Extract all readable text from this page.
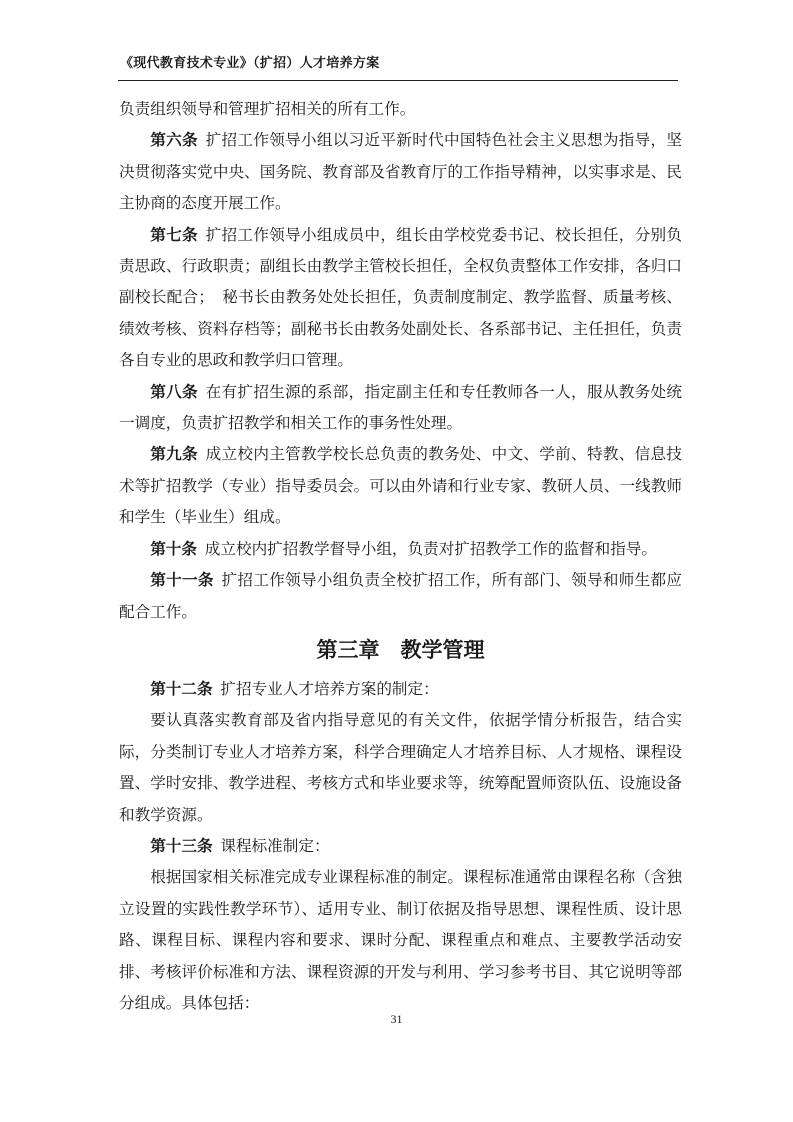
《现代教育技术专业》（扩招）人才培养方案

负责组织领导和管理扩招相关的所有工作。

第六条 扩招工作领导小组以习近平新时代中国特色社会主义思想为指导，坚决贯彻落实党中央、国务院、教育部及省教育厅的工作指导精神，以实事求是、民主协商的态度开展工作。

第七条 扩招工作领导小组成员中，组长由学校党委书记、校长担任，分别负责思政、行政职责；副组长由教学主管校长担任，全权负责整体工作安排，各归口副校长配合；　秘书长由教务处处长担任，负责制度制定、教学监督、质量考核、绩效考核、资料存档等；副秘书长由教务处副处长、各系部书记、主任担任，负责各自专业的思政和教学归口管理。

第八条 在有扩招生源的系部，指定副主任和专任教师各一人，服从教务处统一调度，负责扩招教学和相关工作的事务性处理。

第九条 成立校内主管教学校长总负责的教务处、中文、学前、特教、信息技术等扩招教学（专业）指导委员会。可以由外请和行业专家、教研人员、一线教师和学生（毕业生）组成。

第十条 成立校内扩招教学督导小组，负责对扩招教学工作的监督和指导。

第十一条 扩招工作领导小组负责全校扩招工作，所有部门、领导和师生都应配合工作。

第三章　教学管理

第十二条 扩招专业人才培养方案的制定：

要认真落实教育部及省内指导意见的有关文件，依据学情分析报告，结合实际，分类制订专业人才培养方案，科学合理确定人才培养目标、人才规格、课程设置、学时安排、教学进程、考核方式和毕业要求等，统筹配置师资队伍、设施设备和教学资源。

第十三条 课程标准制定：

根据国家相关标准完成专业课程标准的制定。课程标准通常由课程名称（含独立设置的实践性教学环节）、适用专业、制订依据及指导思想、课程性质、设计思路、课程目标、课程内容和要求、课时分配、课程重点和难点、主要教学活动安排、考核评价标准和方法、课程资源的开发与利用、学习参考书目、其它说明等部分组成。具体包括：

31
